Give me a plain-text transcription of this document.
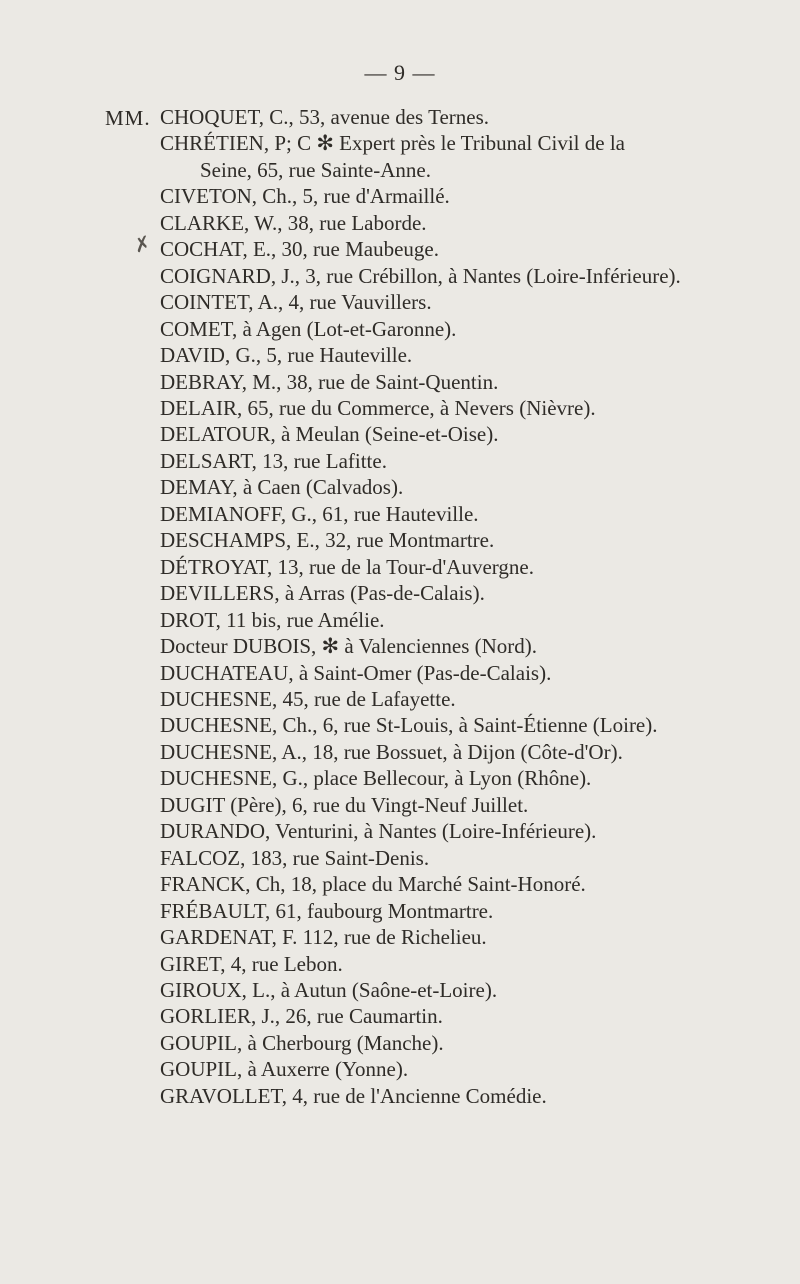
— 9 —
MM.
✗
CHOQUET, C., 53, avenue des Ternes.
CHRÉTIEN, P; C ✻ Expert près le Tribunal Civil de la
Seine, 65, rue Sainte-Anne.
CIVETON, Ch., 5, rue d'Armaillé.
CLARKE, W., 38, rue Laborde.
COCHAT, E., 30, rue Maubeuge.
COIGNARD, J., 3, rue Crébillon, à Nantes (Loire-Inférieure).
COINTET, A., 4, rue Vauvillers.
COMET, à Agen (Lot-et-Garonne).
DAVID, G., 5, rue Hauteville.
DEBRAY, M., 38, rue de Saint-Quentin.
DELAIR, 65, rue du Commerce, à Nevers (Nièvre).
DELATOUR, à Meulan (Seine-et-Oise).
DELSART, 13, rue Lafitte.
DEMAY, à Caen (Calvados).
DEMIANOFF, G., 61, rue Hauteville.
DESCHAMPS, E., 32, rue Montmartre.
DÉTROYAT, 13, rue de la Tour-d'Auvergne.
DEVILLERS, à Arras (Pas-de-Calais).
DROT, 11 bis, rue Amélie.
Docteur DUBOIS, ✻ à Valenciennes (Nord).
DUCHATEAU, à Saint-Omer (Pas-de-Calais).
DUCHESNE, 45, rue de Lafayette.
DUCHESNE, Ch., 6, rue St-Louis, à Saint-Étienne (Loire).
DUCHESNE, A., 18, rue Bossuet, à Dijon (Côte-d'Or).
DUCHESNE, G., place Bellecour, à Lyon (Rhône).
DUGIT (Père), 6, rue du Vingt-Neuf Juillet.
DURANDO, Venturini, à Nantes (Loire-Inférieure).
FALCOZ, 183, rue Saint-Denis.
FRANCK, Ch, 18, place du Marché Saint-Honoré.
FRÉBAULT, 61, faubourg Montmartre.
GARDENAT, F. 112, rue de Richelieu.
GIRET, 4, rue Lebon.
GIROUX, L., à Autun (Saône-et-Loire).
GORLIER, J., 26, rue Caumartin.
GOUPIL, à Cherbourg (Manche).
GOUPIL, à Auxerre (Yonne).
GRAVOLLET, 4, rue de l'Ancienne Comédie.
